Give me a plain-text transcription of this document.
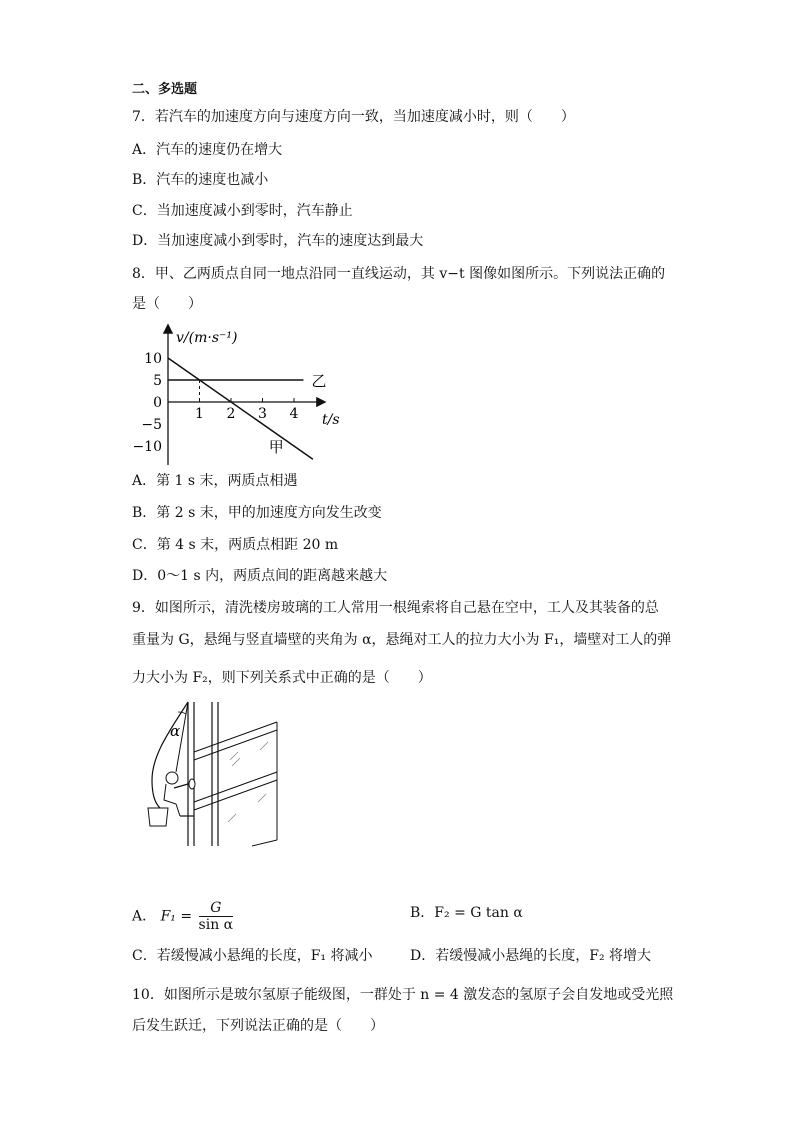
二、多选题
7．若汽车的加速度方向与速度方向一致，当加速度减小时，则（　　）
A．汽车的速度仍在增大
B．汽车的速度也减小
C．当加速度减小到零时，汽车静止
D．当加速度减小到零时，汽车的速度达到最大
8．甲、乙两质点自同一地点沿同一直线运动，其 v−t 图像如图所示。下列说法正确的
是（　　）
v/(m·s⁻¹)
t/s
10
5
0
−5
−10
1 2 3 4
乙
甲
A．第 1 s 末，两质点相遇
B．第 2 s 末，甲的加速度方向发生改变
C．第 4 s 末，两质点相距 20 m
D．0～1 s 内，两质点间的距离越来越大
9．如图所示，清洗楼房玻璃的工人常用一根绳索将自己悬在空中，工人及其装备的总
重量为 G，悬绳与竖直墙壁的夹角为 α，悬绳对工人的拉力大小为 F₁，墙壁对工人的弹
力大小为 F₂，则下列关系式中正确的是（　　）
α
A． $F_1 = \frac{G}{\text{sin α}}$	B．F₂ = G tan α
C．若缓慢减小悬绳的长度，F₁ 将减小	D．若缓慢减小悬绳的长度，F₂ 将增大
10．如图所示是玻尔氢原子能级图，一群处于 n = 4 激发态的氢原子会自发地或受光照
后发生跃迁，下列说法正确的是（　　）
